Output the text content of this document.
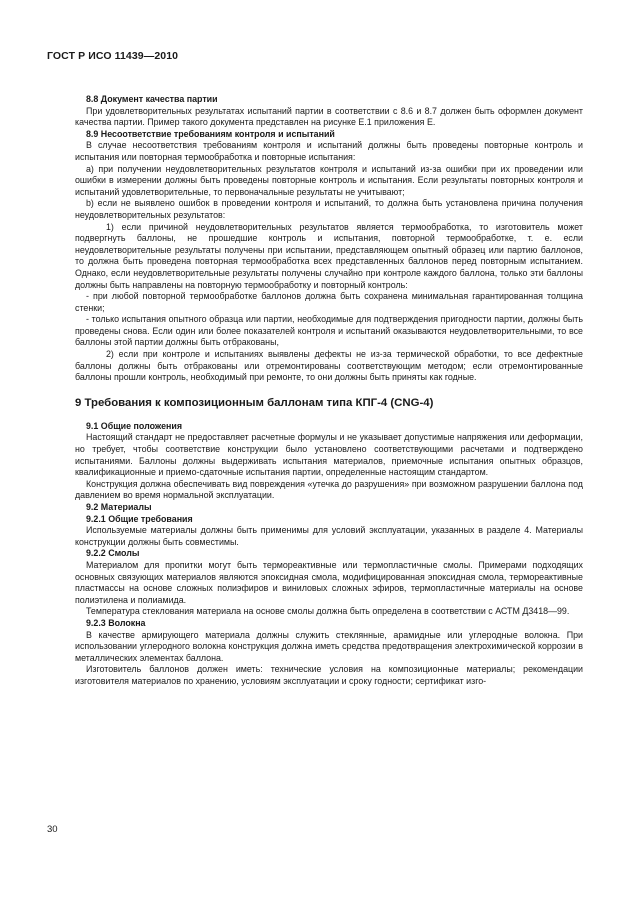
ГОСТ Р ИСО 11439—2010

8.8 Документ качества партии

При удовлетворительных результатах испытаний партии в соответствии с 8.6 и 8.7 должен быть оформлен документ качества партии. Пример такого документа представлен на рисунке Е.1 приложения Е.

8.9 Несоответствие требованиям контроля и испытаний

В случае несоответствия требованиям контроля и испытаний должны быть проведены повторные контроль и испытания или повторная термообработка и повторные испытания:

а) при получении неудовлетворительных результатов контроля и испытаний из-за ошибки при их проведении или ошибки в измерении должны быть проведены повторные контроль и испытания. Если результаты повторных контроля и испытаний удовлетворительные, то первоначальные результаты не учитывают;

b) если не выявлено ошибок в проведении контроля и испытаний, то должна быть установлена причина получения неудовлетворительных результатов:

1) если причиной неудовлетворительных результатов является термообработка, то изготовитель может подвергнуть баллоны, не прошедшие контроль и испытания, повторной термообработке, т. е. если неудовлетворительные результаты получены при испытании, представляющем опытный образец или партию баллонов, то должна быть проведена повторная термообработка всех представленных баллонов перед повторным испытанием. Однако, если неудовлетворительные результаты получены случайно при контроле каждого баллона, только эти баллоны должны быть направлены на повторную термообработку и повторный контроль:

- при любой повторной термообработке баллонов должна быть сохранена минимальная гарантированная толщина стенки;

- только испытания опытного образца или партии, необходимые для подтверждения пригодности партии, должны быть проведены снова. Если один или более показателей контроля и испытаний оказываются неудовлетворительными, то все баллоны этой партии должны быть отбракованы,

2) если при контроле и испытаниях выявлены дефекты не из-за термической обработки, то все дефектные баллоны должны быть отбракованы или отремонтированы соответствующим методом; если отремонтированные баллоны прошли контроль, необходимый при ремонте, то они должны быть приняты как годные.

9 Требования к композиционным баллонам типа КПГ-4 (CNG-4)

9.1 Общие положения

Настоящий стандарт не предоставляет расчетные формулы и не указывает допустимые напряжения или деформации, но требует, чтобы соответствие конструкции было установлено соответствующими расчетами и подтверждено испытаниями. Баллоны должны выдерживать испытания материалов, приемочные испытания опытных образцов, квалификационные и приемо-сдаточные испытания партии, определенные настоящим стандартом.

Конструкция должна обеспечивать вид повреждения «утечка до разрушения» при возможном разрушении баллона под давлением во время нормальной эксплуатации.

9.2 Материалы

9.2.1 Общие требования

Используемые материалы должны быть применимы для условий эксплуатации, указанных в разделе 4. Материалы конструкции должны быть совместимы.

9.2.2 Смолы

Материалом для пропитки могут быть термореактивные или термопластичные смолы. Примерами подходящих основных связующих материалов являются эпоксидная смола, модифицированная эпоксидная смола, термореактивные пластмассы на основе сложных полиэфиров и виниловых сложных эфиров, термопластичные материалы на основе полиэтилена и полиамида.

Температура стеклования материала на основе смолы должна быть определена в соответствии с АСТМ Д3418—99.

9.2.3 Волокна

В качестве армирующего материала должны служить стеклянные, арамидные или углеродные волокна. При использовании углеродного волокна конструкция должна иметь средства предотвращения электрохимической коррозии в металлических элементах баллона.

Изготовитель баллонов должен иметь: технические условия на композиционные материалы; рекомендации изготовителя материалов по хранению, условиям эксплуатации и сроку годности; сертификат изго-

30
